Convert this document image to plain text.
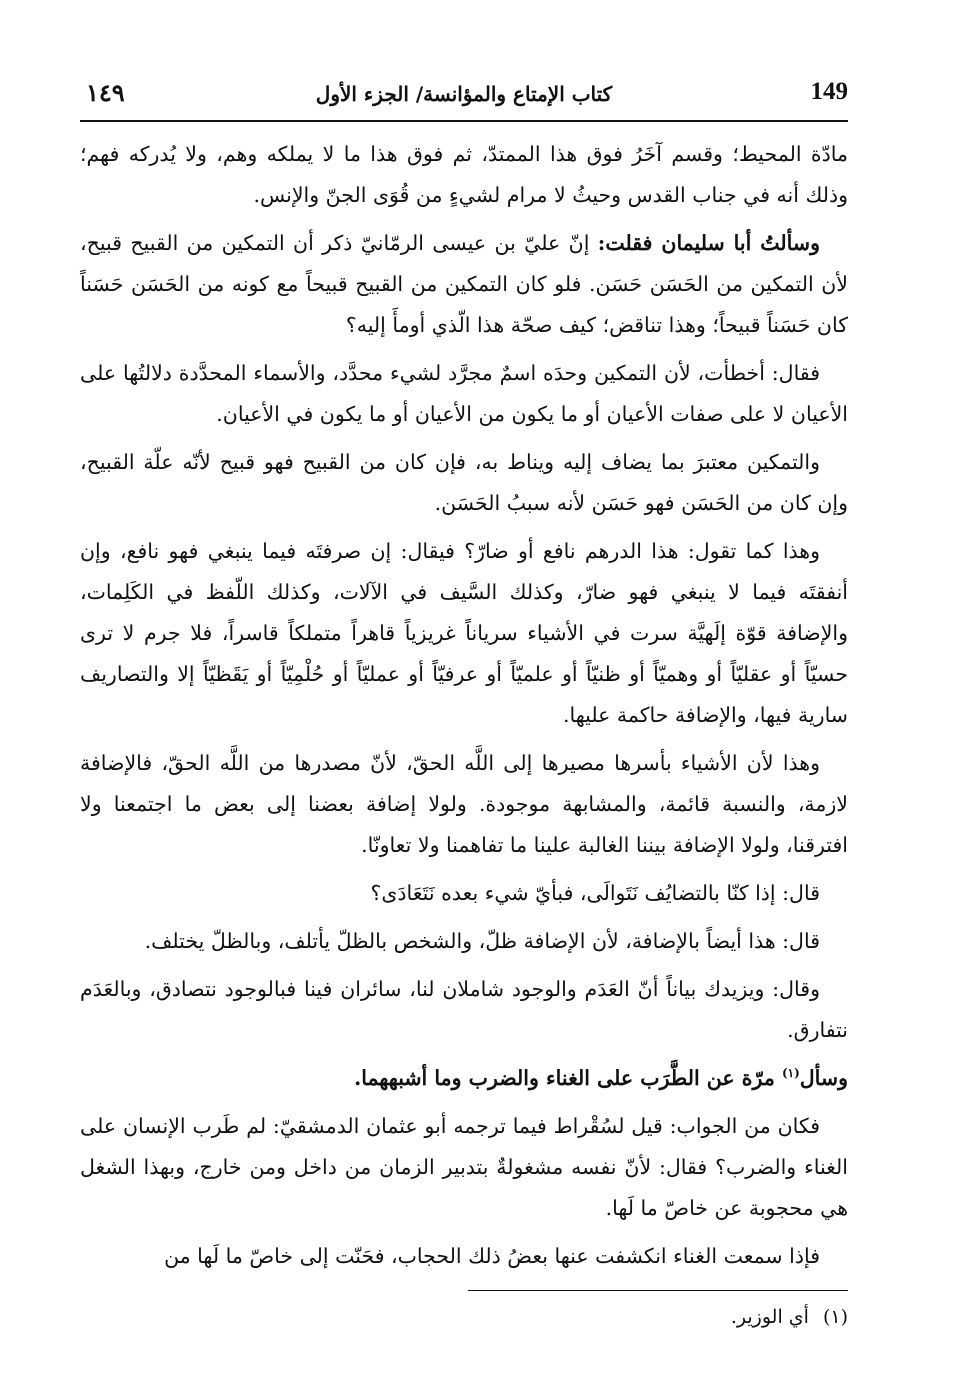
149
كتاب الإمتاع والمؤانسة/ الجزء الأول
١٤٩

مادّة المحيط؛ وقسم آخَرُ فوق هذا الممتدّ، ثم فوق هذا ما لا يملكه وهم، ولا يُدركه فهم؛ وذلك أنه في جناب القدس وحيثُ لا مرام لشيءٍ من قُوَى الجنّ والإنس.

وسألتُ أبا سليمان فقلت: إنّ عليّ بن عيسى الرمّانيّ ذكر أن التمكين من القبيح قبيح، لأن التمكين من الحَسَن حَسَن. فلو كان التمكين من القبيح قبيحاً مع كونه من الحَسَن حَسَناً كان حَسَناً قبيحاً؛ وهذا تناقض؛ كيف صحّة هذا الّذي أومأَ إليه؟

فقال: أخطأت، لأن التمكين وحدَه اسمٌ مجرَّد لشيء محدَّد، والأسماء المحدَّدة دلالتُها على الأعيان لا على صفات الأعيان أو ما يكون من الأعيان أو ما يكون في الأعيان.

والتمكين معتبرَ بما يضاف إليه ويناط به، فإن كان من القبيح فهو قبيح لأنّه علّة القبيح، وإن كان من الحَسَن فهو حَسَن لأنه سببُ الحَسَن.

وهذا كما تقول: هذا الدرهم نافع أو ضارّ؟ فيقال: إن صرفتَه فيما ينبغي فهو نافع، وإن أنفقتَه فيما لا ينبغي فهو ضارّ، وكذلك السَّيف في الآلات، وكذلك اللّفظ في الكَلِمات، والإضافة قوّة إلَهيَّة سرت في الأشياء سرياناً غريزياً قاهراً متملكاً قاسراً، فلا جرم لا ترى حسيّاً أو عقليّاً أو وهميّاً أو ظنيّاً أو علميّاً أو عرفيّاً أو عمليّاً أو حُلْمِيّاً أو يَقَظيّاً إلا والتصاريف سارية فيها، والإضافة حاكمة عليها.

وهذا لأن الأشياء بأسرها مصيرها إلى اللَّه الحقّ، لأنّ مصدرها من اللَّه الحقّ، فالإضافة لازمة، والنسبة قائمة، والمشابهة موجودة. ولولا إضافة بعضنا إلى بعض ما اجتمعنا ولا افترقنا، ولولا الإضافة بيننا الغالبة علينا ما تفاهمنا ولا تعاونّا.

قال: إذا كنّا بالتضايُف نَتَوالَى، فبأيّ شيء بعده نَتَعَادَى؟

قال: هذا أيضاً بالإضافة، لأن الإضافة ظلّ، والشخص بالظلّ يأتلف، وبالظلّ يختلف.

وقال: ويزيدك بياناً أنّ العَدَم والوجود شاملان لنا، سائران فينا فبالوجود نتصادق، وبالعَدَم نتفارق.

وسأل$^{(١)}$ مرّة عن الطَّرَب على الغناء والضرب وما أشبههما.

فكان من الجواب: قيل لسُقْراط فيما ترجمه أبو عثمان الدمشقيّ: لم طَرب الإنسان على الغناء والضرب؟ فقال: لأنّ نفسه مشغولةٌ بتدبير الزمان من داخل ومن خارج، وبهذا الشغل هي محجوبة عن خاصّ ما لَها.

فإذا سمعت الغناء انكشفت عنها بعضُ ذلك الحجاب، فحَنّت إلى خاصّ ما لَها من

(١)أي الوزير.
